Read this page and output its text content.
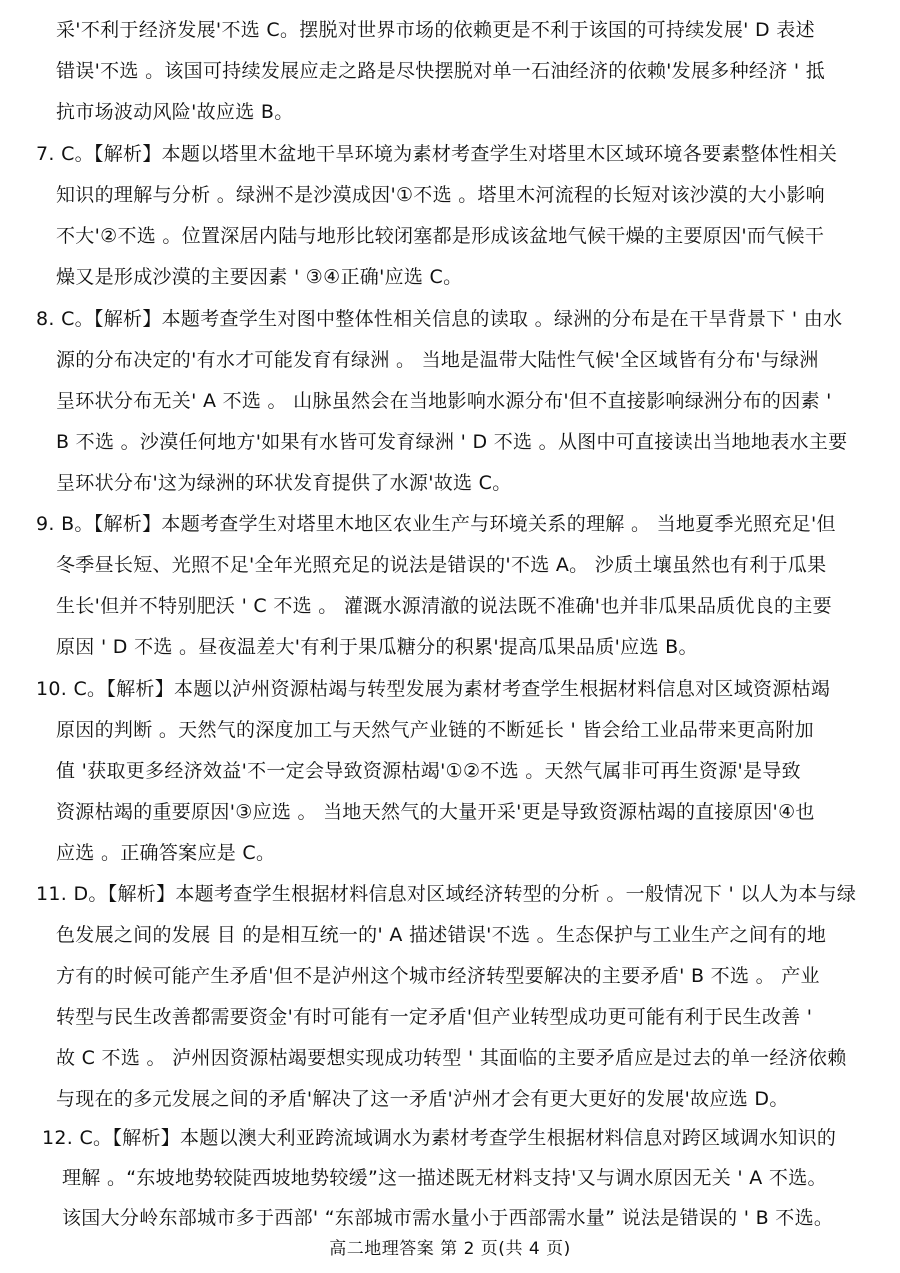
采'不利于经济发展'不选 C。摆脱对世界市场的依赖更是不利于该国的可持续发展' D 表述
错误'不选 。该国可持续发展应走之路是尽快摆脱对单一石油经济的依赖'发展多种经济 ' 抵
抗市场波动风险'故应选 B。
7. C。【解析】本题以塔里木盆地干旱环境为素材考查学生对塔里木区域环境各要素整体性相关
知识的理解与分析 。绿洲不是沙漠成因'①不选 。塔里木河流程的长短对该沙漠的大小影响
不大'②不选 。位置深居内陆与地形比较闭塞都是形成该盆地气候干燥的主要原因'而气候干
燥又是形成沙漠的主要因素 ' ③④正确'应选 C。
8. C。【解析】本题考查学生对图中整体性相关信息的读取 。绿洲的分布是在干旱背景下 ' 由水
源的分布决定的'有水才可能发育有绿洲 。 当地是温带大陆性气候'全区域皆有分布'与绿洲
呈环状分布无关' A 不选 。 山脉虽然会在当地影响水源分布'但不直接影响绿洲分布的因素 '
B 不选 。沙漠任何地方'如果有水皆可发育绿洲 ' D 不选 。从图中可直接读出当地地表水主要
呈环状分布'这为绿洲的环状发育提供了水源'故选 C。
9. B。【解析】本题考查学生对塔里木地区农业生产与环境关系的理解 。 当地夏季光照充足'但
冬季昼长短、光照不足'全年光照充足的说法是错误的'不选 A。 沙质土壤虽然也有利于瓜果
生长'但并不特别肥沃 ' C 不选 。 灌溉水源清澈的说法既不准确'也并非瓜果品质优良的主要
原因 ' D 不选 。昼夜温差大'有利于果瓜糖分的积累'提高瓜果品质'应选 B。
10. C。【解析】本题以泸州资源枯竭与转型发展为素材考查学生根据材料信息对区域资源枯竭
原因的判断 。天然气的深度加工与天然气产业链的不断延长 ' 皆会给工业品带来更高附加
值 '获取更多经济效益'不一定会导致资源枯竭'①②不选 。天然气属非可再生资源'是导致
资源枯竭的重要原因'③应选 。 当地天然气的大量开采'更是导致资源枯竭的直接原因'④也
应选 。正确答案应是 C。
11. D。【解析】本题考查学生根据材料信息对区域经济转型的分析 。一般情况下 ' 以人为本与绿
色发展之间的发展 目 的是相互统一的' A 描述错误'不选 。生态保护与工业生产之间有的地
方有的时候可能产生矛盾'但不是泸州这个城市经济转型要解决的主要矛盾' B 不选 。 产业
转型与民生改善都需要资金'有时可能有一定矛盾'但产业转型成功更可能有利于民生改善 '
故 C 不选 。 泸州因资源枯竭要想实现成功转型 ' 其面临的主要矛盾应是过去的单一经济依赖
与现在的多元发展之间的矛盾'解决了这一矛盾'泸州才会有更大更好的发展'故应选 D。
12. C。【解析】本题以澳大利亚跨流域调水为素材考查学生根据材料信息对跨区域调水知识的
理解 。“东坡地势较陡西坡地势较缓”这一描述既无材料支持'又与调水原因无关 ' A 不选。
该国大分岭东部城市多于西部' “东部城市需水量小于西部需水量” 说法是错误的 ' B 不选。
高二地理答案 第 2 页(共 4 页)
